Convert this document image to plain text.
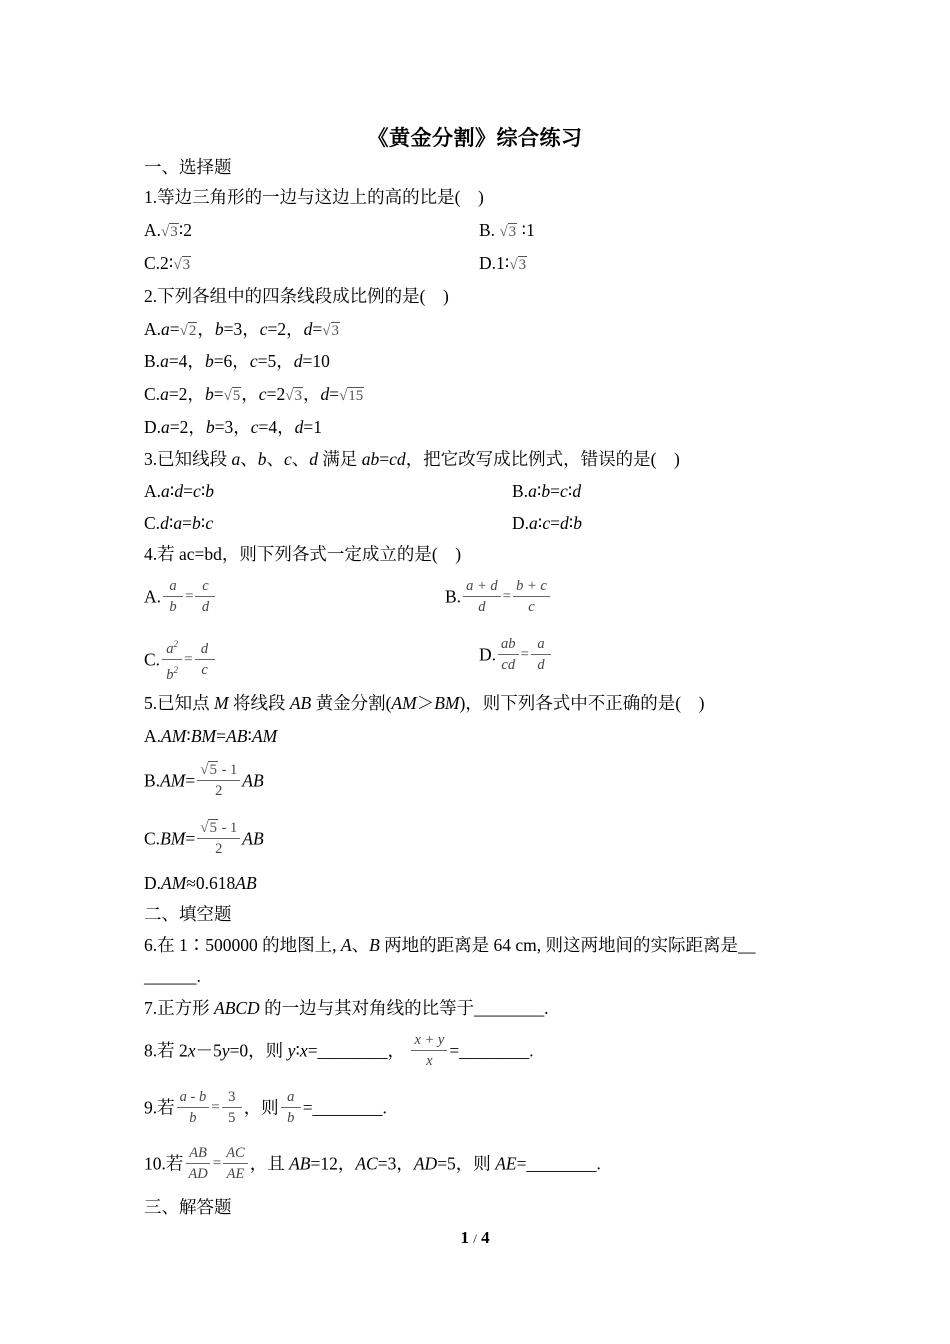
《黄金分割》综合练习
一、选择题
1.等边三角形的一边与这边上的高的比是(　)
A.√3∶2	B. √3 ∶1
C.2∶√3	D.1∶√3
2.下列各组中的四条线段成比例的是(　)
A.a=√2，b=3，c=2，d=√3
B.a=4，b=6，c=5，d=10
C.a=2，b=√5，c=2√3，d=√15
D.a=2，b=3，c=4，d=1
3.已知线段 a、b、c、d 满足 ab=cd，把它改写成比例式，错误的是(　)
A.a∶d=c∶b	B.a∶b=c∶d
C.d∶a=b∶c	D.a∶c=d∶b
4.若 ac=bd，则下列各式一定成立的是(　)
A. $\frac{a}{b} = \frac{c}{d}$	B. $\frac{a + d}{d} = \frac{b + c}{c}$
C. $\frac{a^2}{b^2} = \frac{d}{c}$	D. $\frac{ab}{cd} = \frac{a}{d}$
5.已知点 M 将线段 AB 黄金分割(AM＞BM)，则下列各式中不正确的是(　)
A.AM∶BM=AB∶AM
$B.AM= \frac{√5 - 1}{2}$ AB
$C.BM= \frac{√5 - 1}{2}$ AB
D.AM≈0.618AB
二、填空题
6.在 1∶500000 的地图上, A、B 两地的距离是 64 cm, 则这两地间的实际距离是__
______.
7.正方形 ABCD 的一边与其对角线的比等于________.
8.若 2x－5y=0，则 y∶x=________， $\frac{x + y}{x}$ =________.
9.若 $\frac{a - b}{b} = \frac{3}{5}$ ，则 $\frac{a}{b}$ =________.
10.若 $\frac{AB}{AD} = \frac{AC}{AE}$ ，且 AB=12，AC=3，AD=5，则 AE=________.
三、解答题
1 / 4
